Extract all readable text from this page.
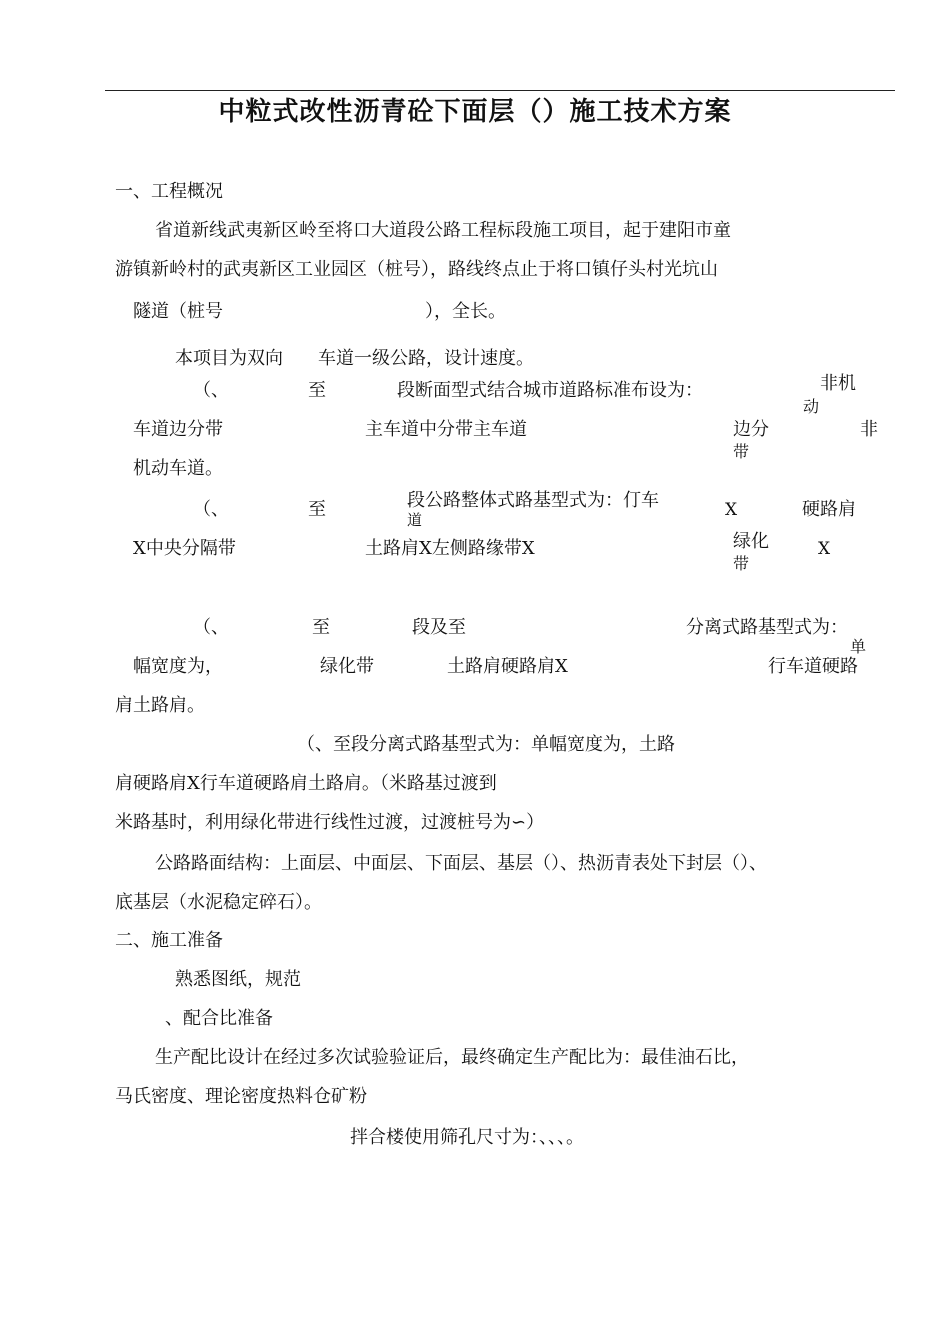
中粒式改性沥青砼下面层（）施工技术方案
一、工程概况
省道新线武夷新区岭至将口大道段公路工程标段施工项目，起于建阳市童
游镇新岭村的武夷新区工业园区（桩号），路线终点止于将口镇仔头村光坑山
隧道（桩号	），全长。
本项目为双向 车道一级公路，设计速度。
（、	至	段断面型式结合城市道路标准布设为：	非机
动
车道边分带	主车道中分带主车道	边分
带
非
机动车道。
（、	至	段公路整体式路基型式为：仃车
道	X	硬路肩
X中央分隔带	土路肩X左侧路缘带X	绿化
带
X
（、	至	段及至	分离式路基型式为：
单
幅宽度为，	绿化带	土路肩硬路肩X	行车道硬路
肩土路肩。
（、至段分离式路基型式为：单幅宽度为，土路
肩硬路肩X行车道硬路肩土路肩。（米路基过渡到
米路基时，利用绿化带进行线性过渡，过渡桩号为∽）
公路路面结构：上面层、中面层、下面层、基层（）、热沥青表处下封层（）、
底基层（水泥稳定碎石）。
二、施工准备
熟悉图纸，规范
、配合比准备
生产配比设计在经过多次试验验证后，最终确定生产配比为：最佳油石比，
马氏密度、理论密度热料仓矿粉
拌合楼使用筛孔尺寸为：、、、。
